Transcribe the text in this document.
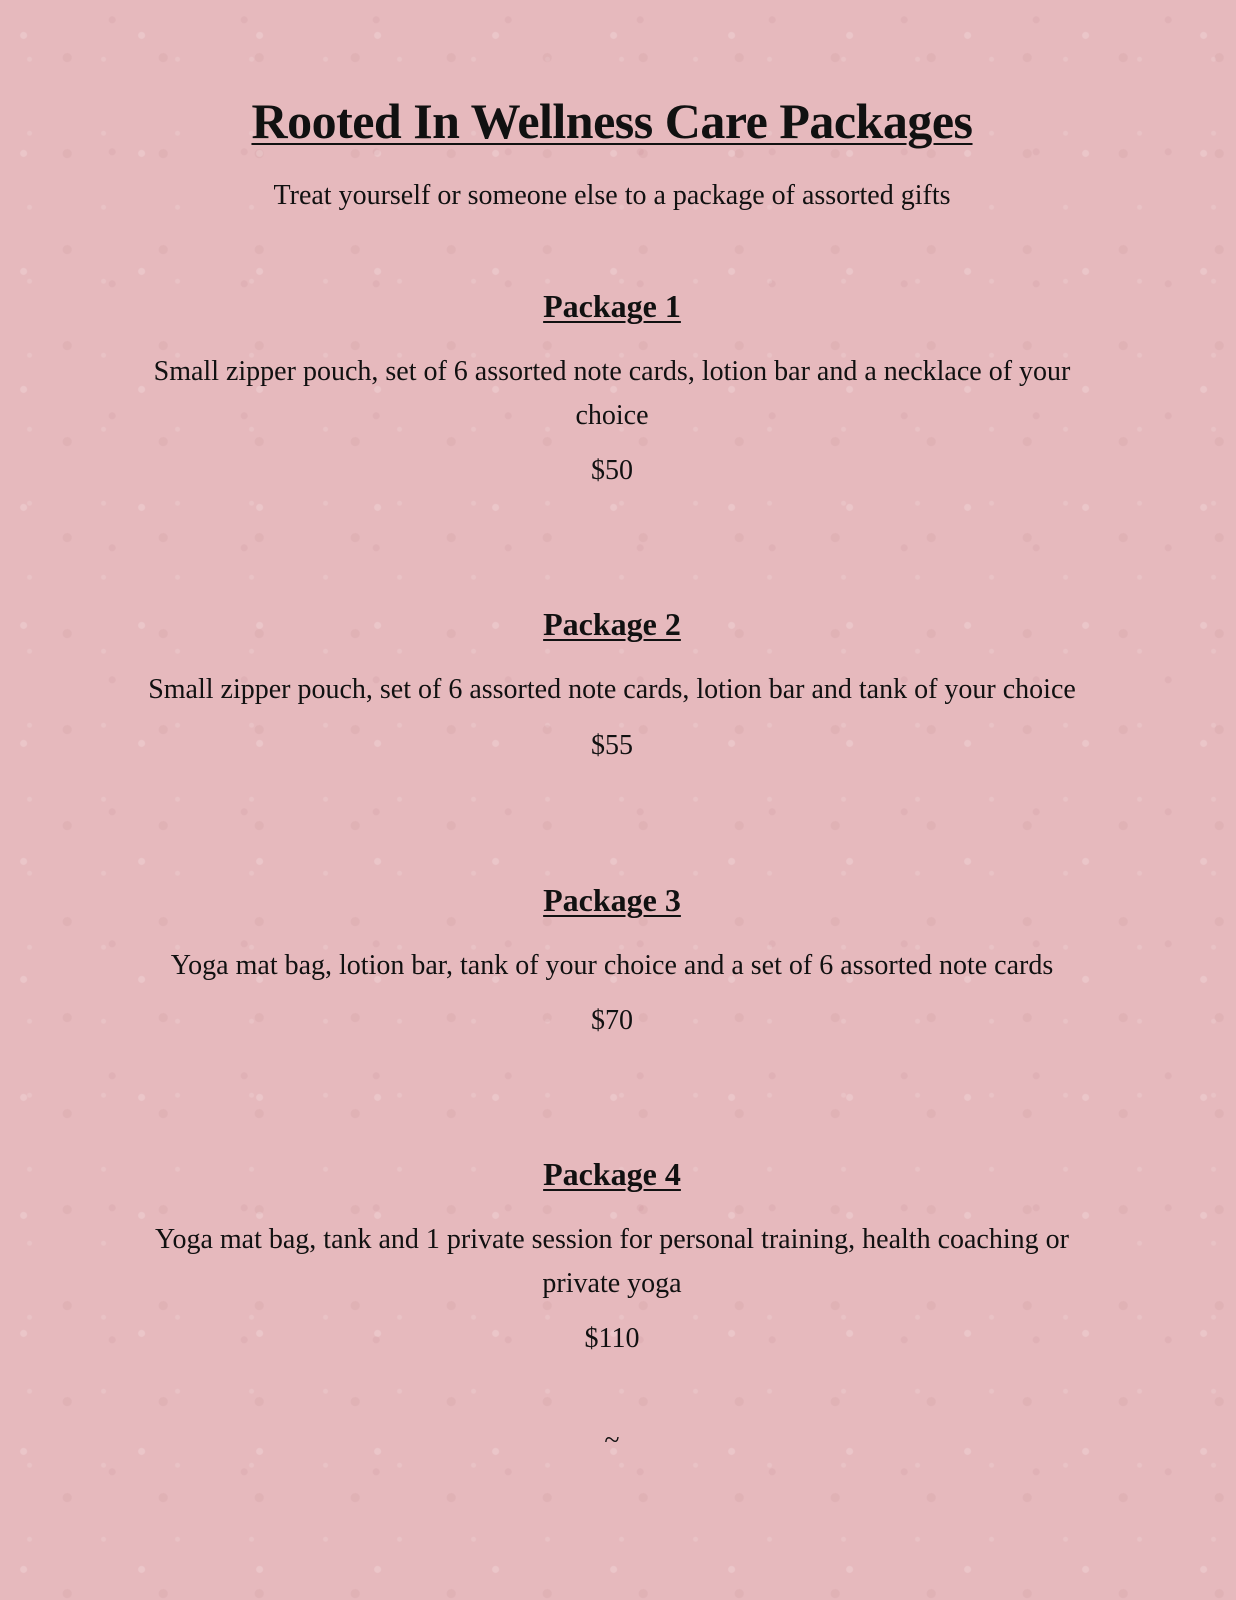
Rooted In Wellness Care Packages

Treat yourself or someone else to a package of assorted gifts

Package 1

Small zipper pouch, set of 6 assorted note cards, lotion bar and a necklace of your

choice

$50

Package 2

Small zipper pouch, set of 6 assorted note cards, lotion bar and tank of your choice

$55

Package 3

Yoga mat bag, lotion bar, tank of your choice and a set of 6 assorted note cards

$70

Package 4

Yoga mat bag, tank and 1 private session for personal training, health coaching or

private yoga

$110

~
